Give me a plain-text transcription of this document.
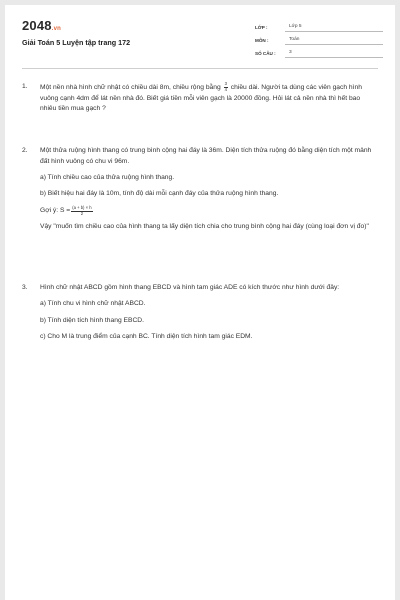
2048.vn
Giải Toán 5 Luyện tập trang 172
LỚP :	Lớp 5
MÔN :	Toán
SỐ CÂU :	3
1.	Một nền nhà hình chữ nhật có chiều dài 8m, chiều rộng bằng $\frac{3}{4}$ chiều dài. Người ta dùng các viên gạch hình vuông cạnh 4dm để lát nền nhà đó. Biết giá tiền mỗi viên gạch là 20000 đồng. Hỏi lát cả nền nhà thì hết bao nhiêu tiền mua gạch ?

2.	Một thửa ruộng hình thang có trung bình cộng hai đáy là 36m. Diện tích thửa ruộng đó bằng diện tích một mảnh đất hình vuông có chu vi 96m.

a) Tính chiều cao của thửa ruộng hình thang.

b) Biết hiệu hai đáy là 10m, tính độ dài mỗi cạnh đáy của thửa ruộng hình thang.

Gợi ý: $S = \frac{(a + b) \times h}{2}$

Vậy "muốn tìm chiều cao của hình thang ta lấy diện tích chia cho trung bình cộng hai đáy (cùng loại đơn vị đo)"

3.	Hình chữ nhật ABCD gồm hình thang EBCD và hình tam giác ADE có kích thước như hình dưới đây:

a) Tính chu vi hình chữ nhật ABCD.

b) Tính diện tích hình thang EBCD.

c) Cho M là trung điểm của cạnh BC. Tính diện tích hình tam giác EDM.
